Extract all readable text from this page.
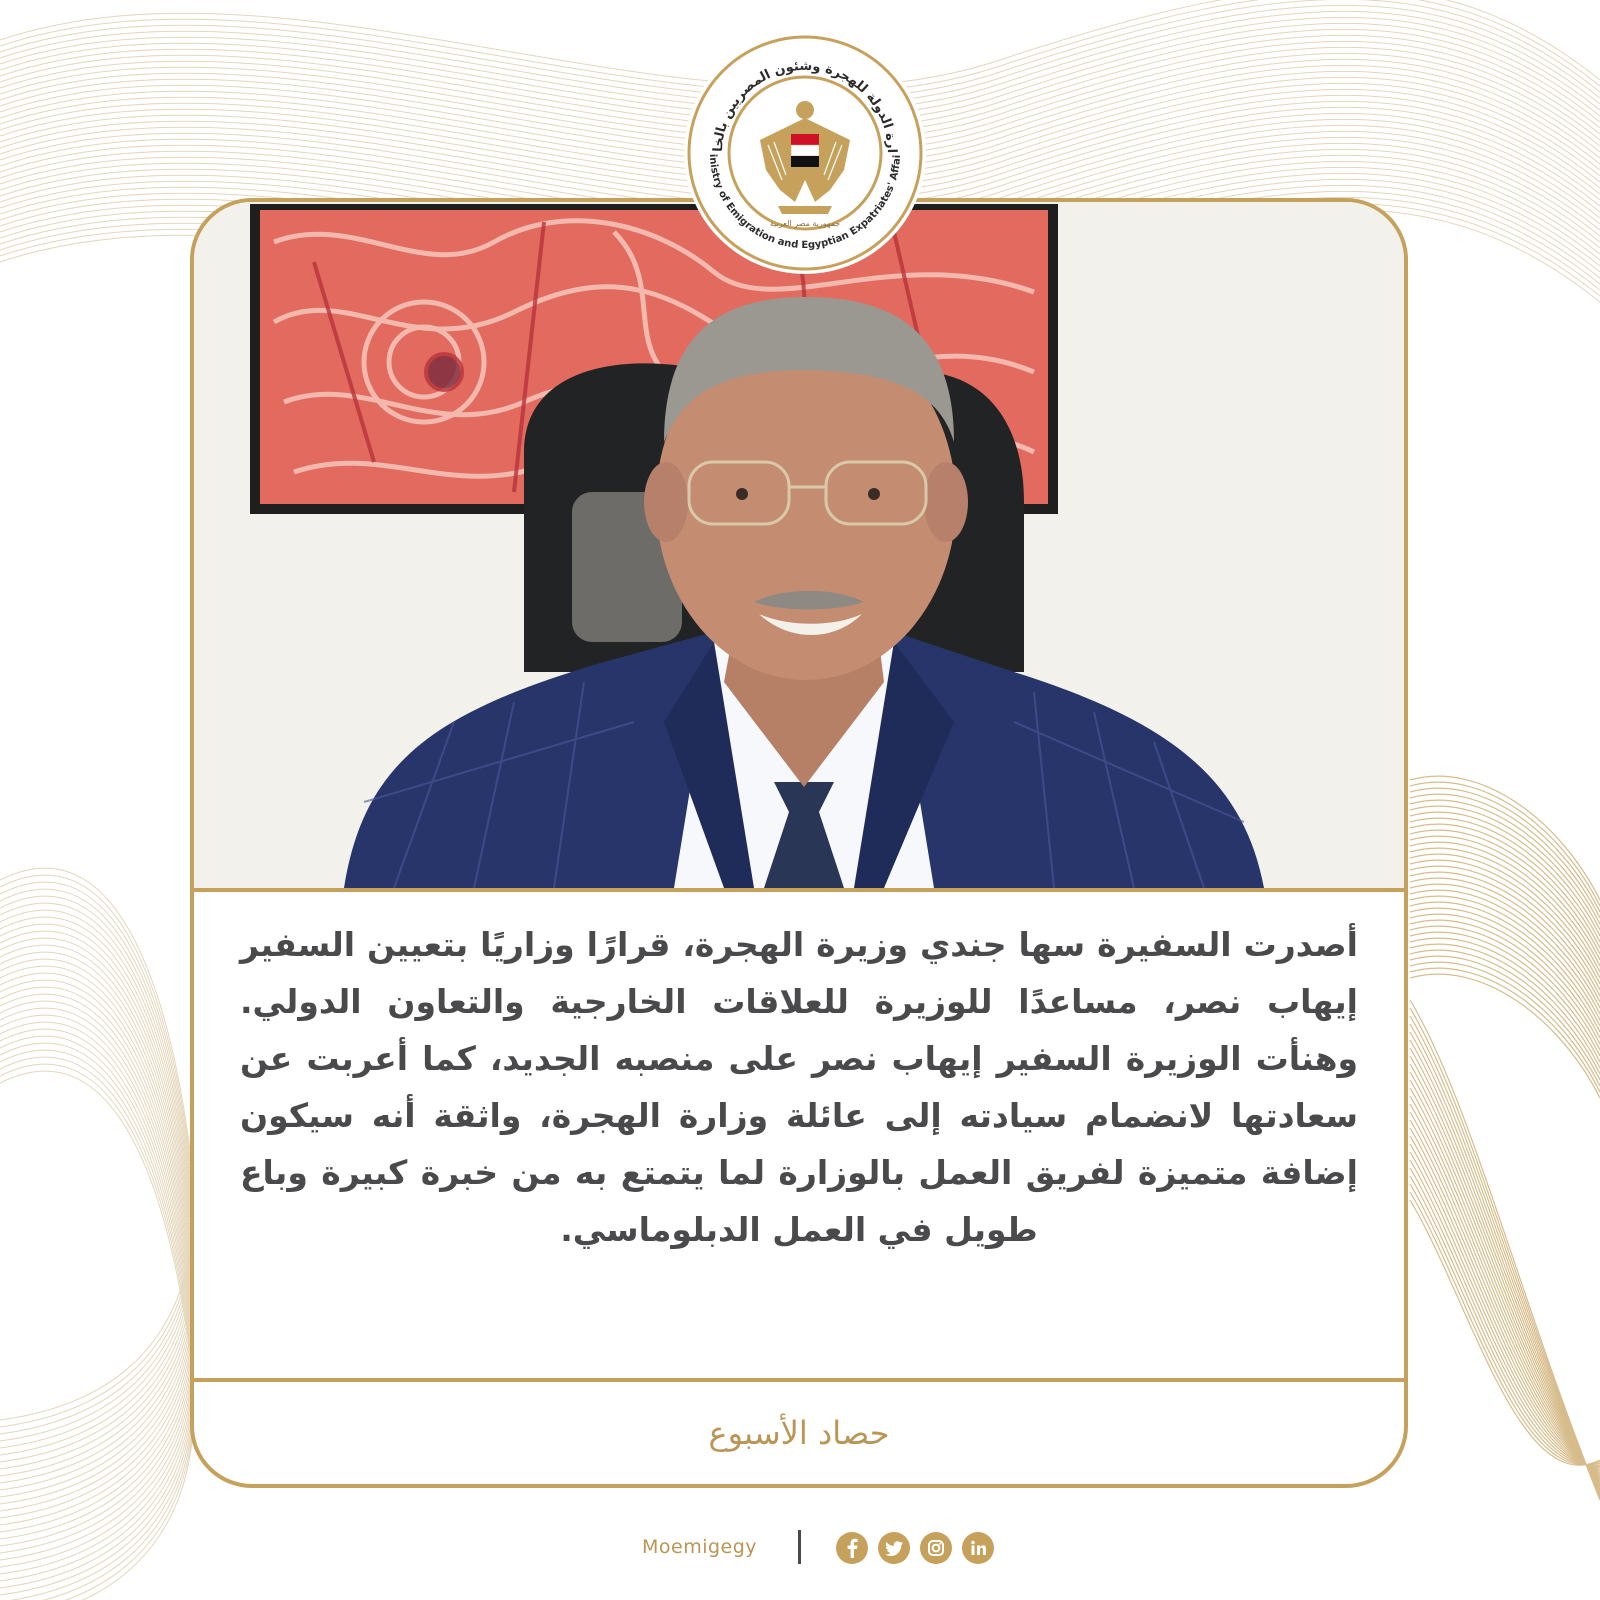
أصدرت السفيرة سها جندي وزيرة الهجرة، قرارًا وزاريًا بتعيين السفير إيهاب نصر، مساعدًا للوزيرة للعلاقات الخارجية والتعاون الدولي. وهنأت الوزيرة السفير إيهاب نصر على منصبه الجديد، كما أعربت عن سعادتها لانضمام سيادته إلى عائلة وزارة الهجرة، واثقة أنه سيكون إضافة متميزة لفريق العمل بالوزارة لما يتمتع به من خبرة كبيرة وباع طويل في العمل الدبلوماسي.
حصاد الأسبوع
ارة الدولة للهجرة وشئون المصريين بالخا
inistry of Emigration and Egyptian Expatriates' Affairs
جمهورية مصر العربية
Moemigegy
